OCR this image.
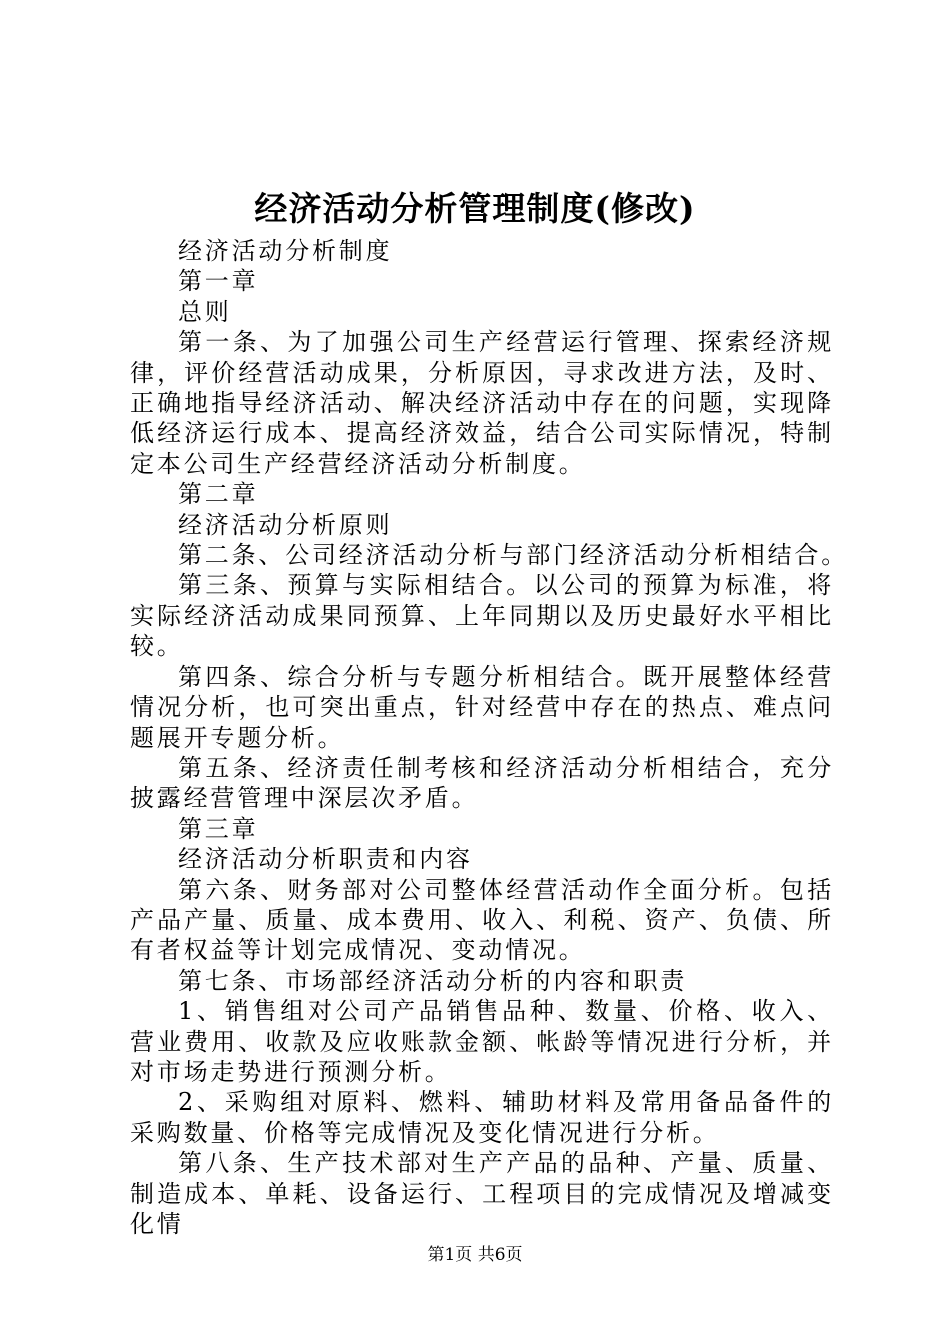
经济活动分析管理制度(修改)

经济活动分析制度

第一章

总则

第一条、为了加强公司生产经营运行管理、探索经济规律，评价经营活动成果，分析原因，寻求改进方法，及时、正确地指导经济活动、解决经济活动中存在的问题，实现降低经济运行成本、提高经济效益，结合公司实际情况，特制定本公司生产经营经济活动分析制度。

第二章

经济活动分析原则

第二条、公司经济活动分析与部门经济活动分析相结合。

第三条、预算与实际相结合。以公司的预算为标准，将实际经济活动成果同预算、上年同期以及历史最好水平相比较。

第四条、综合分析与专题分析相结合。既开展整体经营情况分析，也可突出重点，针对经营中存在的热点、难点问题展开专题分析。

第五条、经济责任制考核和经济活动分析相结合，充分披露经营管理中深层次矛盾。

第三章

经济活动分析职责和内容

第六条、财务部对公司整体经营活动作全面分析。包括产品产量、质量、成本费用、收入、利税、资产、负债、所有者权益等计划完成情况、变动情况。

第七条、市场部经济活动分析的内容和职责

1、销售组对公司产品销售品种、数量、价格、收入、营业费用、收款及应收账款金额、帐龄等情况进行分析，并对市场走势进行预测分析。

2、采购组对原料、燃料、辅助材料及常用备品备件的采购数量、价格等完成情况及变化情况进行分析。

第八条、生产技术部对生产产品的品种、产量、质量、制造成本、单耗、设备运行、工程项目的完成情况及增减变化情

第1页 共6页
